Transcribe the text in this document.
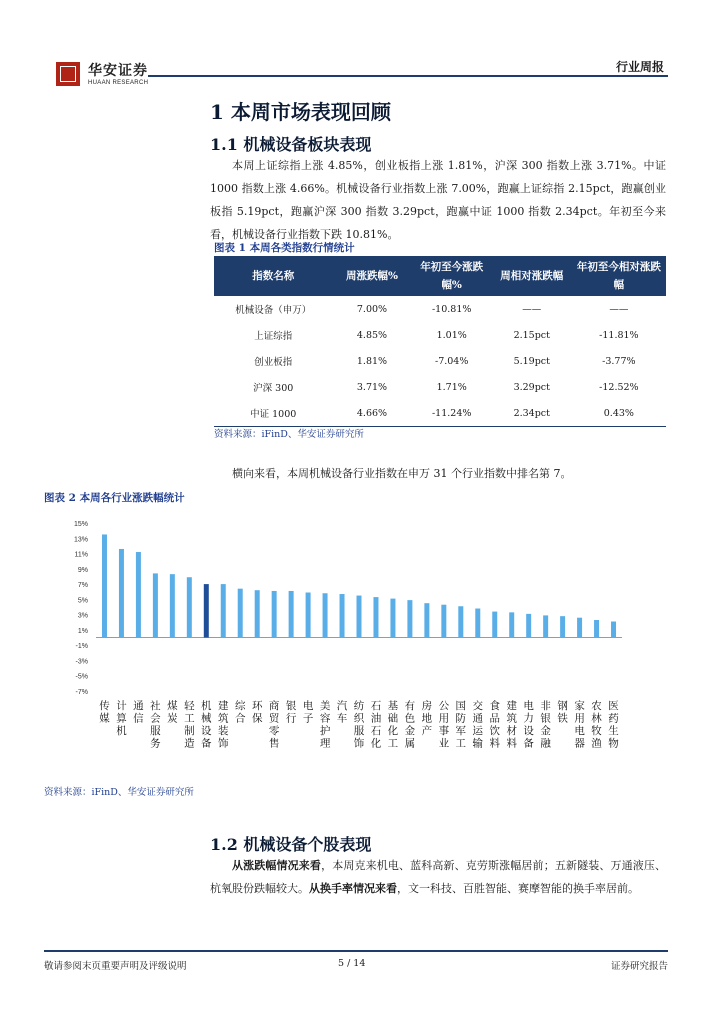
华安证券
HUAAN RESEARCH
行业周报
1 本周市场表现回顾
1.1 机械设备板块表现

本周上证综指上涨 4.85%，创业板指上涨 1.81%，沪深 300 指数上涨 3.71%。中证 1000 指数上涨 4.66%。机械设备行业指数上涨 7.00%，跑赢上证综指 2.15pct，跑赢创业板指 5.19pct，跑赢沪深 300 指数 3.29pct，跑赢中证 1000 指数 2.34pct。年初至今来看，机械设备行业指数下跌 10.81%。

图表 1 本周各类指数行情统计
指数名称	周涨跌幅%	年初至今涨跌幅%	周相对涨跌幅	年初至今相对涨跌幅
机械设备（申万）	7.00%	-10.81%	——	——
上证综指	4.85%	1.01%	2.15pct	-11.81%
创业板指	1.81%	-7.04%	5.19pct	-3.77%
沪深 300	3.71%	1.71%	3.29pct	-12.52%
中证 1000	4.66%	-11.24%	2.34pct	0.43%
资料来源：iFinD、华安证券研究所

横向来看，本周机械设备行业指数在申万 31 个行业指数中排名第 7。

图表 2 本周各行业涨跌幅统计
15%
13%
11%
9%
7%
5%
3%
1%
-1%
-3%
-5%
-7%
传媒
计算机
通信
社会服务
煤炭
轻工制造
机械设备
建筑装饰
综合
环保
商贸零售
银行
电子
美容护理
汽车
纺织服饰
石油石化
基础化工
有色金属
房地产
公用事业
国防军工
交通运输
食品饮料
建筑材料
电力设备
非银金融
钢铁
家用电器
农林牧渔
医药生物
资料来源：iFinD、华安证券研究所
1.2 机械设备个股表现

从涨跌幅情况来看，本周克来机电、蓝科高新、克劳斯涨幅居前；五新隧装、万通液压、杭氧股份跌幅较大。从换手率情况来看，文一科技、百胜智能、赛摩智能的换手率居前。

敬请参阅末页重要声明及评级说明	5 / 14	证券研究报告
